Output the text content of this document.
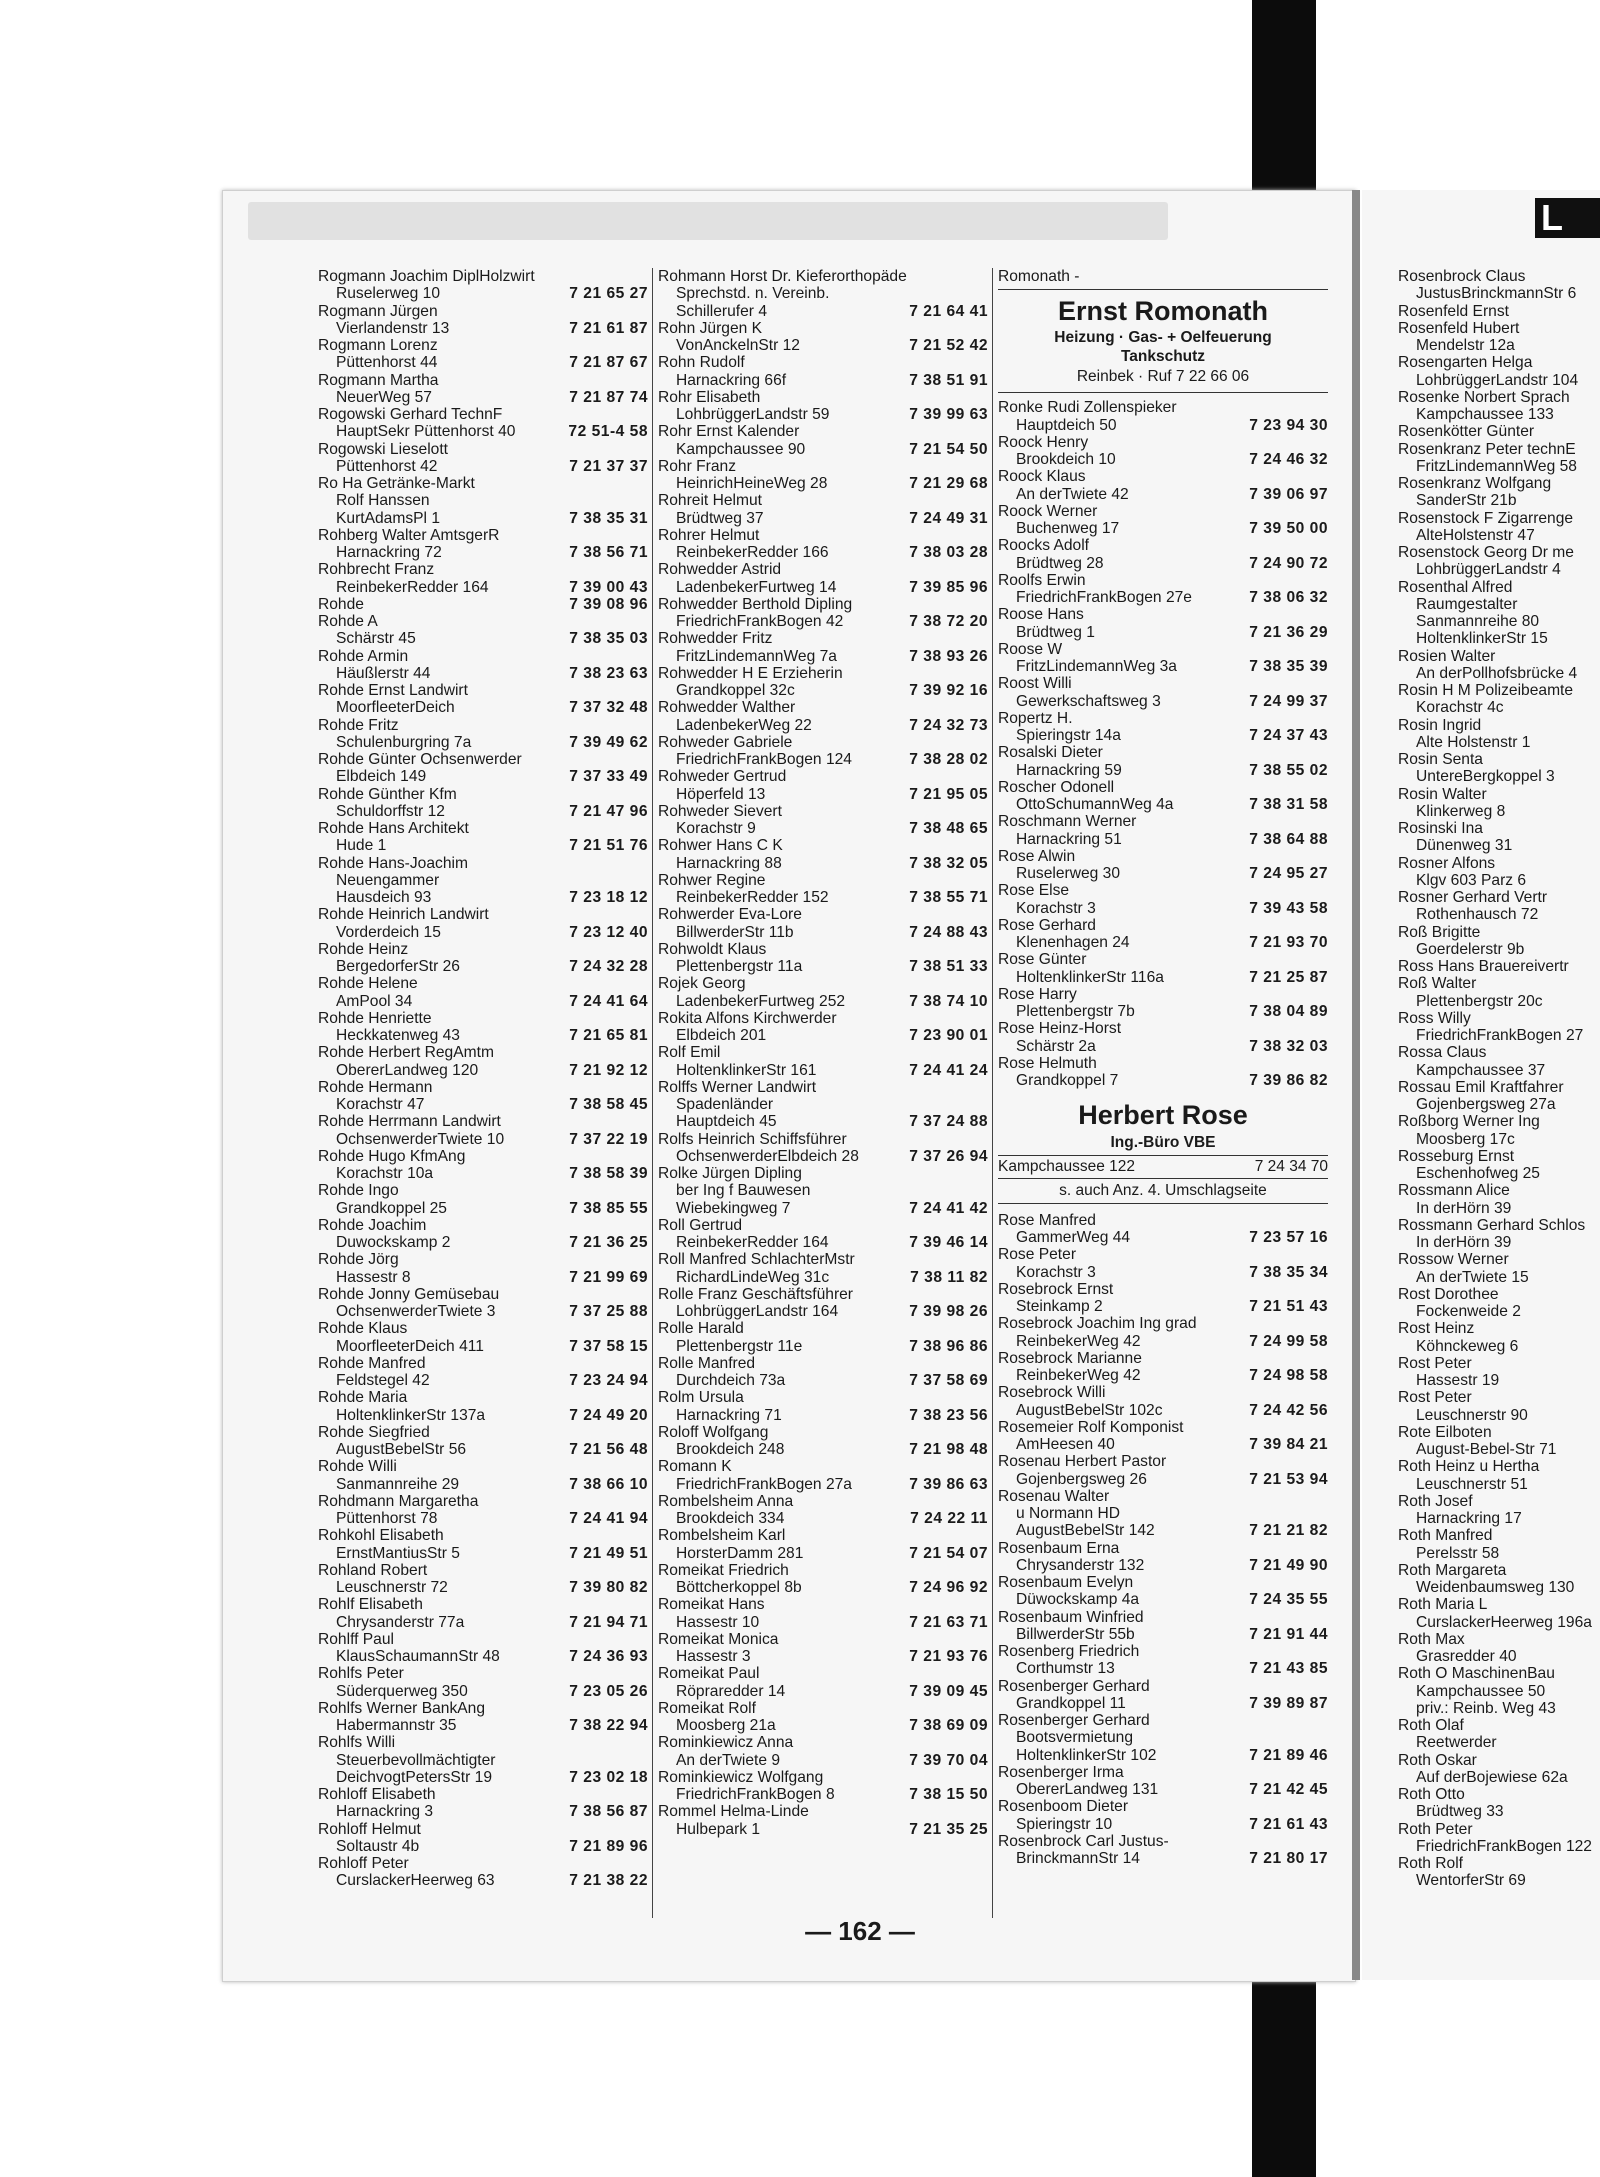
L
Rogmann Joachim DiplHolzwirt
Ruselerweg 10	7 21 65 27
Rogmann Jürgen
Vierlandenstr 13	7 21 61 87
Rogmann Lorenz
Püttenhorst 44	7 21 87 67
Rogmann Martha
NeuerWeg 57	7 21 87 74
Rogowski Gerhard TechnF
HauptSekr Püttenhorst 40	72 51-4 58
Rogowski Lieselott
Püttenhorst 42	7 21 37 37
Ro Ha Getränke-Markt
Rolf Hanssen
KurtAdamsPl 1	7 38 35 31
Rohberg Walter AmtsgerR
Harnackring 72	7 38 56 71
Rohbrecht Franz
ReinbekerRedder 164	7 39 00 43
Rohde	7 39 08 96
Rohde A
Schärstr 45	7 38 35 03
Rohde Armin
Häußlerstr 44	7 38 23 63
Rohde Ernst Landwirt
MoorfleeterDeich	7 37 32 48
Rohde Fritz
Schulenburgring 7a	7 39 49 62
Rohde Günter Ochsenwerder
Elbdeich 149	7 37 33 49
Rohde Günther Kfm
Schuldorffstr 12	7 21 47 96
Rohde Hans Architekt
Hude 1	7 21 51 76
Rohde Hans-Joachim
Neuengammer
Hausdeich 93	7 23 18 12
Rohde Heinrich Landwirt
Vorderdeich 15	7 23 12 40
Rohde Heinz
BergedorferStr 26	7 24 32 28
Rohde Helene
AmPool 34	7 24 41 64
Rohde Henriette
Heckkatenweg 43	7 21 65 81
Rohde Herbert RegAmtm
ObererLandweg 120	7 21 92 12
Rohde Hermann
Korachstr 47	7 38 58 45
Rohde Herrmann Landwirt
OchsenwerderTwiete 10	7 37 22 19
Rohde Hugo KfmAng
Korachstr 10a	7 38 58 39
Rohde Ingo
Grandkoppel 25	7 38 85 55
Rohde Joachim
Duwockskamp 2	7 21 36 25
Rohde Jörg
Hassestr 8	7 21 99 69
Rohde Jonny Gemüsebau
OchsenwerderTwiete 3	7 37 25 88
Rohde Klaus
MoorfleeterDeich 411	7 37 58 15
Rohde Manfred
Feldstegel 42	7 23 24 94
Rohde Maria
HoltenklinkerStr 137a	7 24 49 20
Rohde Siegfried
AugustBebelStr 56	7 21 56 48
Rohde Willi
Sanmannreihe 29	7 38 66 10
Rohdmann Margaretha
Püttenhorst 78	7 24 41 94
Rohkohl Elisabeth
ErnstMantiusStr 5	7 21 49 51
Rohland Robert
Leuschnerstr 72	7 39 80 82
Rohlf Elisabeth
Chrysanderstr 77a	7 21 94 71
Rohlff Paul
KlausSchaumannStr 48	7 24 36 93
Rohlfs Peter
Süderquerweg 350	7 23 05 26
Rohlfs Werner BankAng
Habermannstr 35	7 38 22 94
Rohlfs Willi
Steuerbevollmächtigter
DeichvogtPetersStr 19	7 23 02 18
Rohloff Elisabeth
Harnackring 3	7 38 56 87
Rohloff Helmut
Soltaustr 4b	7 21 89 96
Rohloff Peter
CurslackerHeerweg 63	7 21 38 22
Rohmann Horst Dr. Kieferorthopäde
Sprechstd. n. Vereinb.
Schillerufer 4	7 21 64 41
Rohn Jürgen K
VonAnckelnStr 12	7 21 52 42
Rohn Rudolf
Harnackring 66f	7 38 51 91
Rohr Elisabeth
LohbrüggerLandstr 59	7 39 99 63
Rohr Ernst Kalender
Kampchaussee 90	7 21 54 50
Rohr Franz
HeinrichHeineWeg 28	7 21 29 68
Rohreit Helmut
Brüdtweg 37	7 24 49 31
Rohrer Helmut
ReinbekerRedder 166	7 38 03 28
Rohwedder Astrid
LadenbekerFurtweg 14	7 39 85 96
Rohwedder Berthold Dipling
FriedrichFrankBogen 42	7 38 72 20
Rohwedder Fritz
FritzLindemannWeg 7a	7 38 93 26
Rohwedder H E Erzieherin
Grandkoppel 32c	7 39 92 16
Rohwedder Walther
LadenbekerWeg 22	7 24 32 73
Rohweder Gabriele
FriedrichFrankBogen 124	7 38 28 02
Rohweder Gertrud
Höperfeld 13	7 21 95 05
Rohweder Sievert
Korachstr 9	7 38 48 65
Rohwer Hans C K
Harnackring 88	7 38 32 05
Rohwer Regine
ReinbekerRedder 152	7 38 55 71
Rohwerder Eva-Lore
BillwerderStr 11b	7 24 88 43
Rohwoldt Klaus
Plettenbergstr 11a	7 38 51 33
Rojek Georg
LadenbekerFurtweg 252	7 38 74 10
Rokita Alfons Kirchwerder
Elbdeich 201	7 23 90 01
Rolf Emil
HoltenklinkerStr 161	7 24 41 24
Rolffs Werner Landwirt
Spadenländer
Hauptdeich 45	7 37 24 88
Rolfs Heinrich Schiffsführer
OchsenwerderElbdeich 28	7 37 26 94
Rolke Jürgen Dipling
ber Ing f Bauwesen
Wiebekingweg 7	7 24 41 42
Roll Gertrud
ReinbekerRedder 164	7 39 46 14
Roll Manfred SchlachterMstr
RichardLindeWeg 31c	7 38 11 82
Rolle Franz Geschäftsführer
LohbrüggerLandstr 164	7 39 98 26
Rolle Harald
Plettenbergstr 11e	7 38 96 86
Rolle Manfred
Durchdeich 73a	7 37 58 69
Rolm Ursula
Harnackring 71	7 38 23 56
Roloff Wolfgang
Brookdeich 248	7 21 98 48
Romann K
FriedrichFrankBogen 27a	7 39 86 63
Rombelsheim Anna
Brookdeich 334	7 24 22 11
Rombelsheim Karl
HorsterDamm 281	7 21 54 07
Romeikat Friedrich
Böttcherkoppel 8b	7 24 96 92
Romeikat Hans
Hassestr 10	7 21 63 71
Romeikat Monica
Hassestr 3	7 21 93 76
Romeikat Paul
Röpraredder 14	7 39 09 45
Romeikat Rolf
Moosberg 21a	7 38 69 09
Rominkiewicz Anna
An derTwiete 9	7 39 70 04
Rominkiewicz Wolfgang
FriedrichFrankBogen 8	7 38 15 50
Rommel Helma-Linde
Hulbepark 1	7 21 35 25
Romonath -
Ernst Romonath
Heizung · Gas- + Oelfeuerung
Tankschutz
Reinbek · Ruf 7 22 66 06
Ronke Rudi Zollenspieker
Hauptdeich 50	7 23 94 30
Roock Henry
Brookdeich 10	7 24 46 32
Roock Klaus
An derTwiete 42	7 39 06 97
Roock Werner
Buchenweg 17	7 39 50 00
Roocks Adolf
Brüdtweg 28	7 24 90 72
Roolfs Erwin
FriedrichFrankBogen 27e	7 38 06 32
Roose Hans
Brüdtweg 1	7 21 36 29
Roose W
FritzLindemannWeg 3a	7 38 35 39
Roost Willi
Gewerkschaftsweg 3	7 24 99 37
Ropertz H.
Spieringstr 14a	7 24 37 43
Rosalski Dieter
Harnackring 59	7 38 55 02
Roscher Odonell
OttoSchumannWeg 4a	7 38 31 58
Roschmann Werner
Harnackring 51	7 38 64 88
Rose Alwin
Ruselerweg 30	7 24 95 27
Rose Else
Korachstr 3	7 39 43 58
Rose Gerhard
Klenenhagen 24	7 21 93 70
Rose Günter
HoltenklinkerStr 116a	7 21 25 87
Rose Harry
Plettenbergstr 7b	7 38 04 89
Rose Heinz-Horst
Schärstr 2a	7 38 32 03
Rose Helmuth
Grandkoppel 7	7 39 86 82
Herbert Rose
Ing.-Büro VBE
Kampchaussee 122	7 24 34 70
s. auch Anz. 4. Umschlagseite
Rose Manfred
GammerWeg 44	7 23 57 16
Rose Peter
Korachstr 3	7 38 35 34
Rosebrock Ernst
Steinkamp 2	7 21 51 43
Rosebrock Joachim Ing grad
ReinbekerWeg 42	7 24 99 58
Rosebrock Marianne
ReinbekerWeg 42	7 24 98 58
Rosebrock Willi
AugustBebelStr 102c	7 24 42 56
Rosemeier Rolf Komponist
AmHeesen 40	7 39 84 21
Rosenau Herbert Pastor
Gojenbergsweg 26	7 21 53 94
Rosenau Walter
u Normann HD
AugustBebelStr 142	7 21 21 82
Rosenbaum Erna
Chrysanderstr 132	7 21 49 90
Rosenbaum Evelyn
Düwockskamp 4a	7 24 35 55
Rosenbaum Winfried
BillwerderStr 55b	7 21 91 44
Rosenberg Friedrich
Corthumstr 13	7 21 43 85
Rosenberger Gerhard
Grandkoppel 11	7 39 89 87
Rosenberger Gerhard
Bootsvermietung
HoltenklinkerStr 102	7 21 89 46
Rosenberger Irma
ObererLandweg 131	7 21 42 45
Rosenboom Dieter
Spieringstr 10	7 21 61 43
Rosenbrock Carl Justus-
BrinckmannStr 14	7 21 80 17
Rosenbrock Claus
JustusBrinckmannStr 6
Rosenfeld Ernst
Rosenfeld Hubert
Mendelstr 12a
Rosengarten Helga
LohbrüggerLandstr 104
Rosenke Norbert Sprach
Kampchaussee 133
Rosenkötter Günter
Rosenkranz Peter technE
FritzLindemannWeg 58
Rosenkranz Wolfgang
SanderStr 21b
Rosenstock F Zigarrenge
AlteHolstenstr 47
Rosenstock Georg Dr me
LohbrüggerLandstr 4
Rosenthal Alfred
Raumgestalter
Sanmannreihe 80
HoltenklinkerStr 15
Rosien Walter
An derPollhofsbrücke 4
Rosin H M Polizeibeamte
Korachstr 4c
Rosin Ingrid
Alte Holstenstr 1
Rosin Senta
UntereBergkoppel 3
Rosin Walter
Klinkerweg 8
Rosinski Ina
Dünenweg 31
Rosner Alfons
Klgv 603 Parz 6
Rosner Gerhard Vertr
Rothenhausch 72
Roß Brigitte
Goerdelerstr 9b
Ross Hans Brauereivertr
Roß Walter
Plettenbergstr 20c
Ross Willy
FriedrichFrankBogen 27
Rossa Claus
Kampchaussee 37
Rossau Emil Kraftfahrer
Gojenbergsweg 27a
Roßborg Werner Ing
Moosberg 17c
Rosseburg Ernst
Eschenhofweg 25
Rossmann Alice
In derHörn 39
Rossmann Gerhard Schlos
In derHörn 39
Rossow Werner
An derTwiete 15
Rost Dorothee
Fockenweide 2
Rost Heinz
Köhnckeweg 6
Rost Peter
Hassestr 19
Rost Peter
Leuschnerstr 90
Rote Eilboten
August-Bebel-Str 71
Roth Heinz u Hertha
Leuschnerstr 51
Roth Josef
Harnackring 17
Roth Manfred
Perelsstr 58
Roth Margareta
Weidenbaumsweg 130
Roth Maria L
CurslackerHeerweg 196a
Roth Max
Grasredder 40
Roth O MaschinenBau
Kampchaussee 50
priv.: Reinb. Weg 43
Roth Olaf
Reetwerder
Roth Oskar
Auf derBojewiese 62a
Roth Otto
Brüdtweg 33
Roth Peter
FriedrichFrankBogen 122
Roth Rolf
WentorferStr 69
— 162 —
